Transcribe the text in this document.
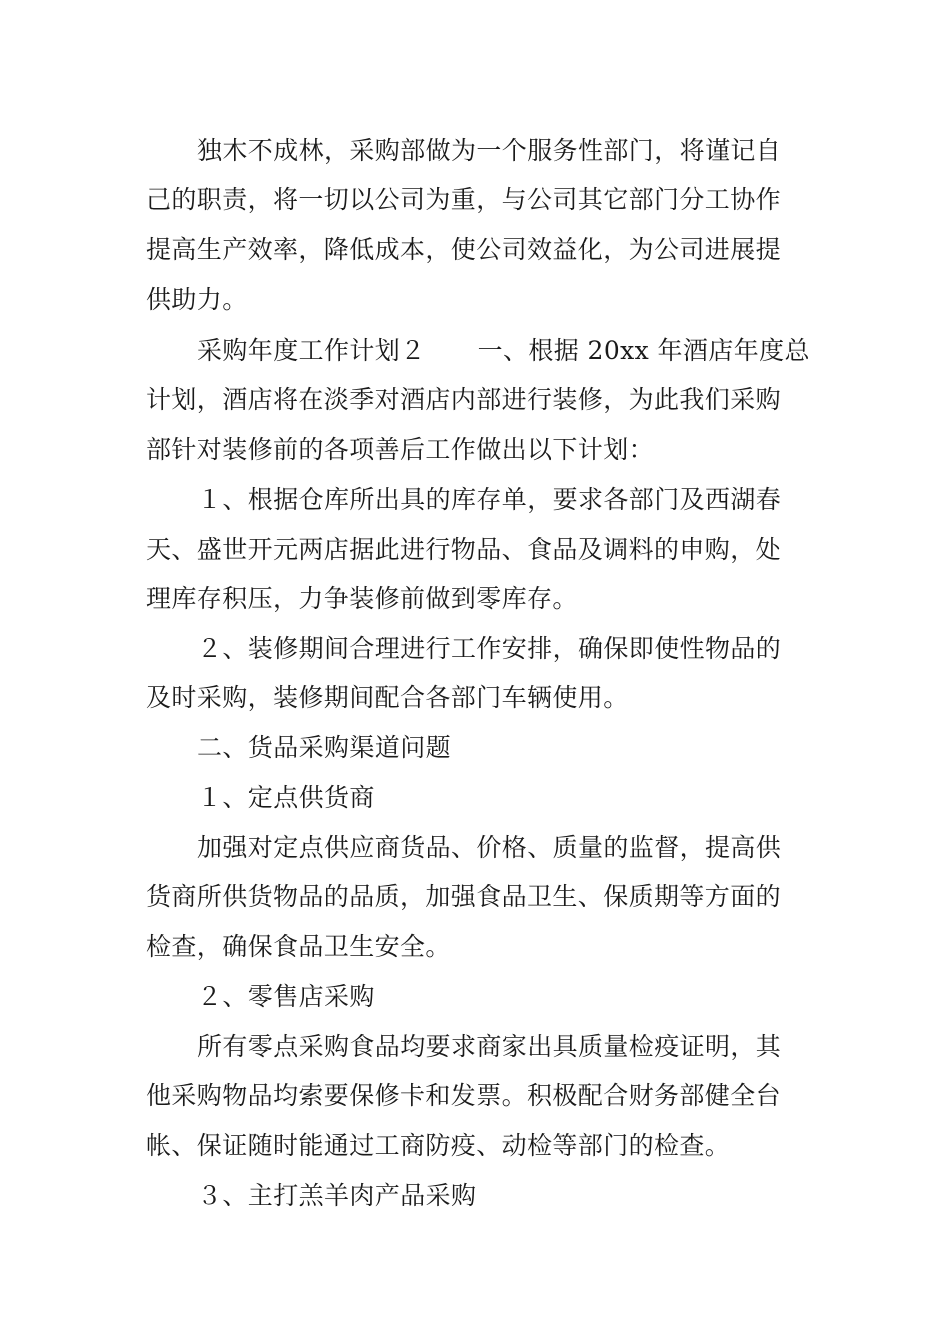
独木不成林，采购部做为一个服务性部门，将谨记自
己的职责，将一切以公司为重，与公司其它部门分工协作
提高生产效率，降低成本，使公司效益化，为公司进展提
供助力。
采购年度工作计划２ 一、根据 20xx 年酒店年度总
计划，酒店将在淡季对酒店内部进行装修，为此我们采购
部针对装修前的各项善后工作做出以下计划：
１、根据仓库所出具的库存单，要求各部门及西湖春
天、盛世开元两店据此进行物品、食品及调料的申购，处
理库存积压，力争装修前做到零库存。
２、装修期间合理进行工作安排，确保即使性物品的
及时采购，装修期间配合各部门车辆使用。
二、货品采购渠道问题
１、定点供货商
加强对定点供应商货品、价格、质量的监督，提高供
货商所供货物品的品质，加强食品卫生、保质期等方面的
检查，确保食品卫生安全。
２、零售店采购
所有零点采购食品均要求商家出具质量检疫证明，其
他采购物品均索要保修卡和发票。积极配合财务部健全台
帐、保证随时能通过工商防疫、动检等部门的检查。
３、主打羔羊肉产品采购
